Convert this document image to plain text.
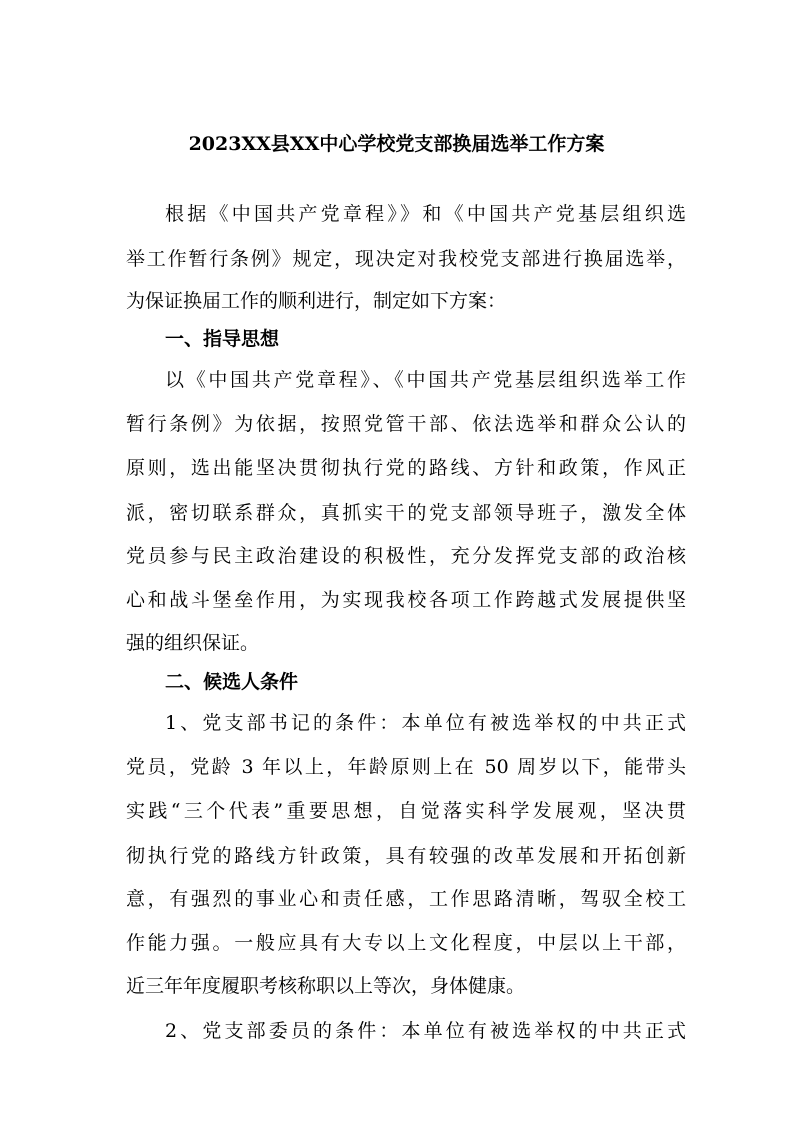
2023XX县XX中心学校党支部换届选举工作方案
根据《中国共产党章程》》和《中国共产党基层组织选
举工作暂行条例》规定，现决定对我校党支部进行换届选举，
为保证换届工作的顺利进行，制定如下方案：
一、指导思想
以《中国共产党章程》、《中国共产党基层组织选举工作
暂行条例》为依据，按照党管干部、依法选举和群众公认的
原则，选出能坚决贯彻执行党的路线、方针和政策，作风正
派，密切联系群众，真抓实干的党支部领导班子，激发全体
党员参与民主政治建设的积极性，充分发挥党支部的政治核
心和战斗堡垒作用，为实现我校各项工作跨越式发展提供坚
强的组织保证。
二、候选人条件
1、党支部书记的条件：本单位有被选举权的中共正式
党员，党龄 3 年以上，年龄原则上在 50 周岁以下，能带头
实践“三个代表”重要思想，自觉落实科学发展观，坚决贯
彻执行党的路线方针政策，具有较强的改革发展和开拓创新
意，有强烈的事业心和责任感，工作思路清晰，驾驭全校工
作能力强。一般应具有大专以上文化程度，中层以上干部，
近三年年度履职考核称职以上等次，身体健康。
2、党支部委员的条件：本单位有被选举权的中共正式
